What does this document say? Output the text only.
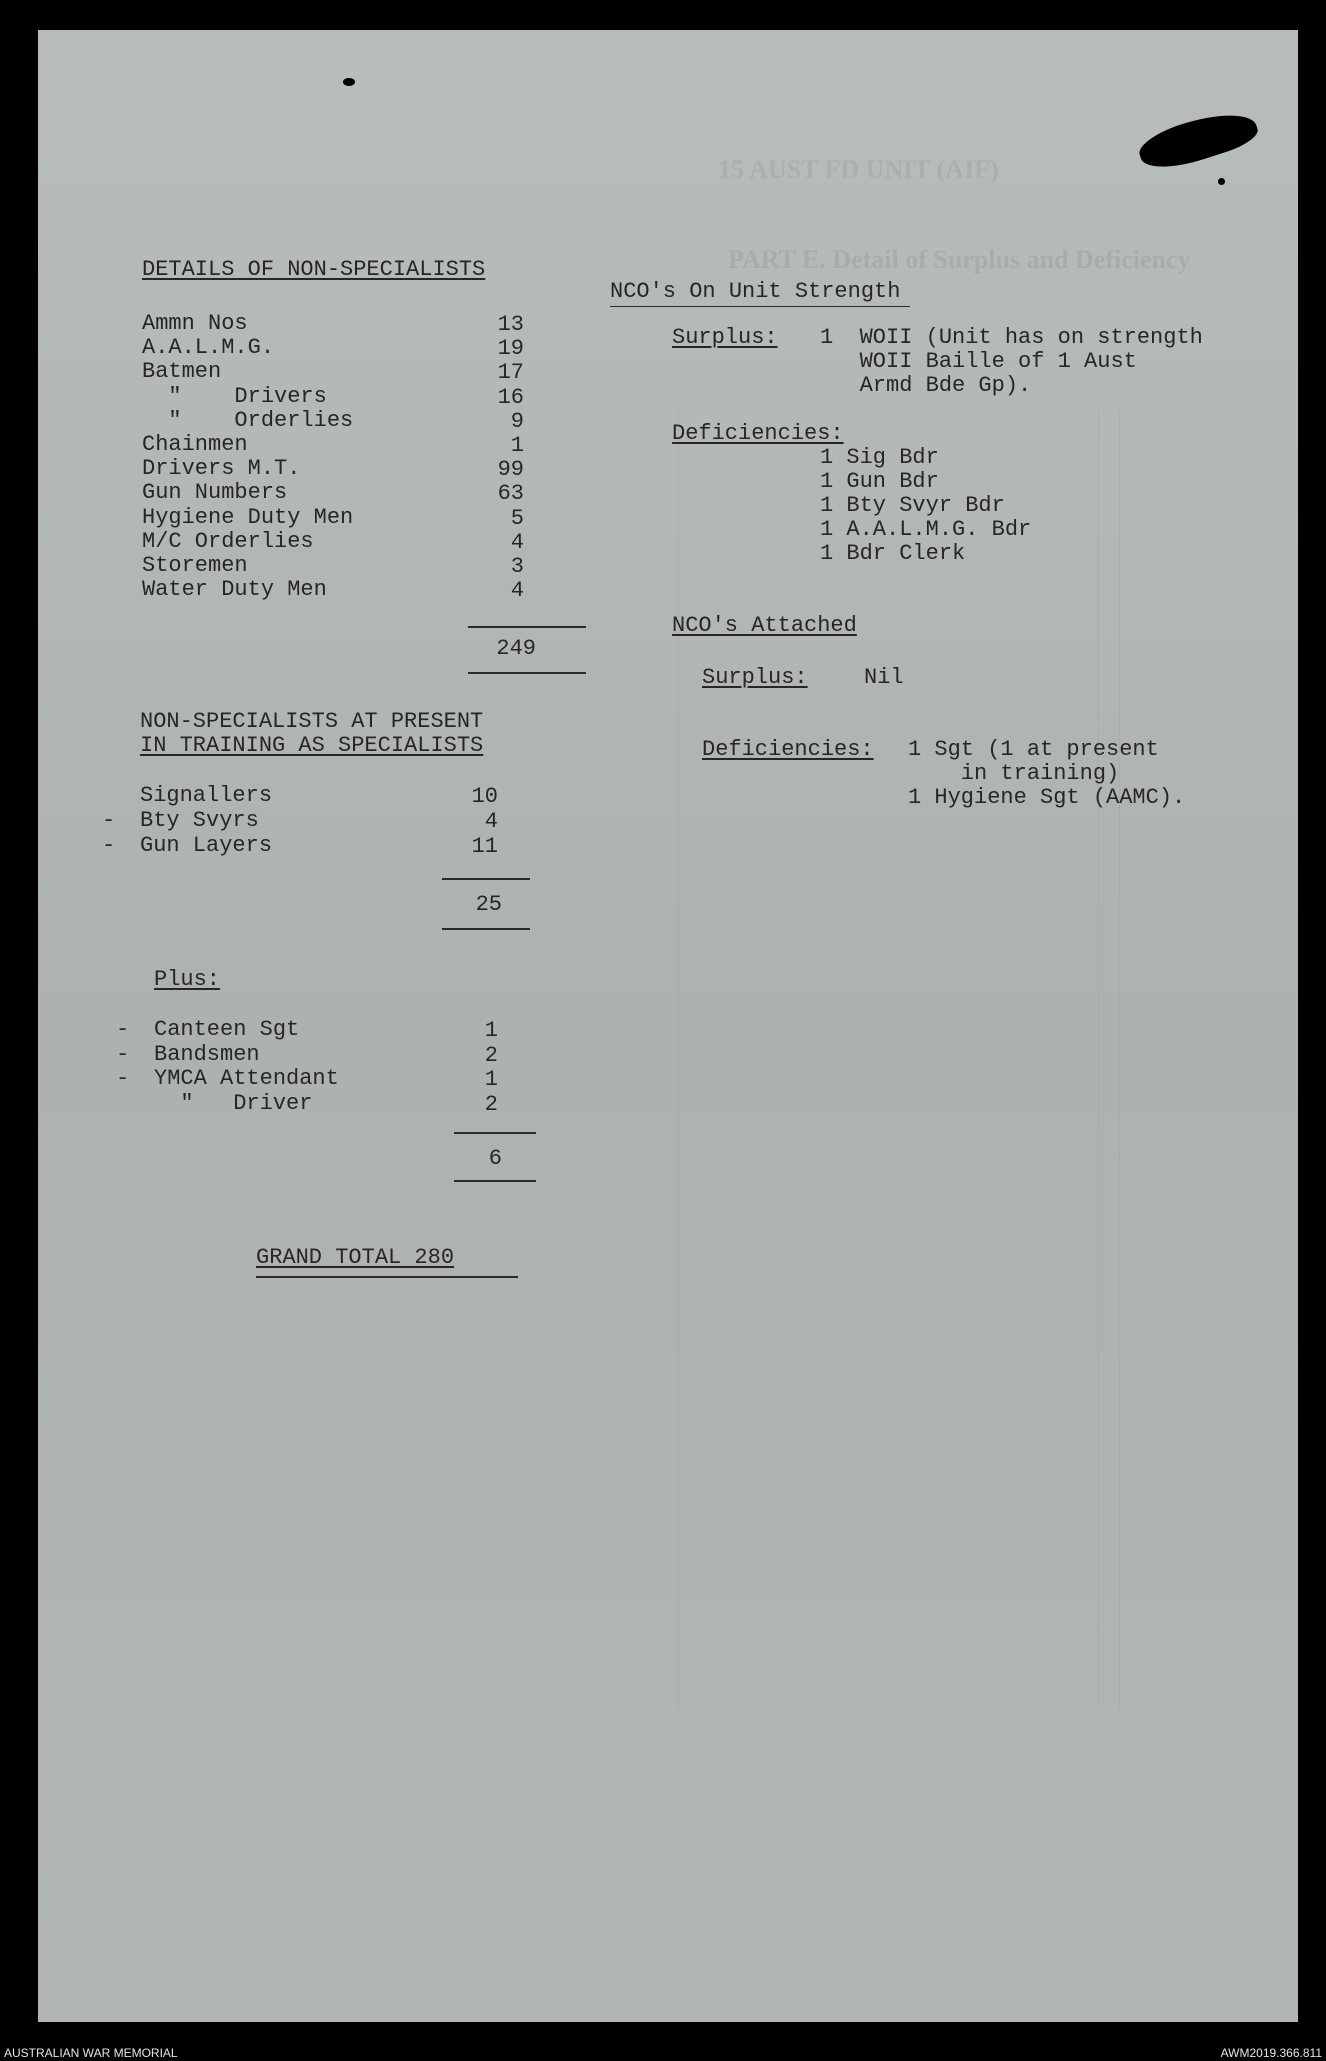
PART E. Detail of Surplus and Deficiency
15 AUST FD UNIT (AIF)
DETAILS OF NON-SPECIALISTS
Ammn Nos	13
A.A.L.M.G.	19
Batmen	17
"    Drivers	16
"    Orderlies	9
Chainmen	1
Drivers M.T.	99
Gun Numbers	63
Hygiene Duty Men	5
M/C Orderlies	4
Storemen	3
Water Duty Men	4
249
NON-SPECIALISTS AT PRESENT
IN TRAINING AS SPECIALISTS
Signallers	10
- Bty Svyrs	4
- Gun Layers	11
25
Plus:
- Canteen Sgt	1
- Bandsmen	2
- YMCA Attendant	1
"   Driver	2
6
GRAND TOTAL 280
NCO's On Unit Strength
Surplus: 1  WOII (Unit has on strength
WOII Baille of 1 Aust
Armd Bde Gp).
Deficiencies:
1 Sig Bdr
1 Gun Bdr
1 Bty Svyr Bdr
1 A.A.L.M.G. Bdr
1 Bdr Clerk
NCO's Attached
Surplus:	Nil
Deficiencies: 1 Sgt (1 at present
in training)
1 Hygiene Sgt (AAMC).
AUSTRALIAN WAR MEMORIAL	AWM2019.366.811
